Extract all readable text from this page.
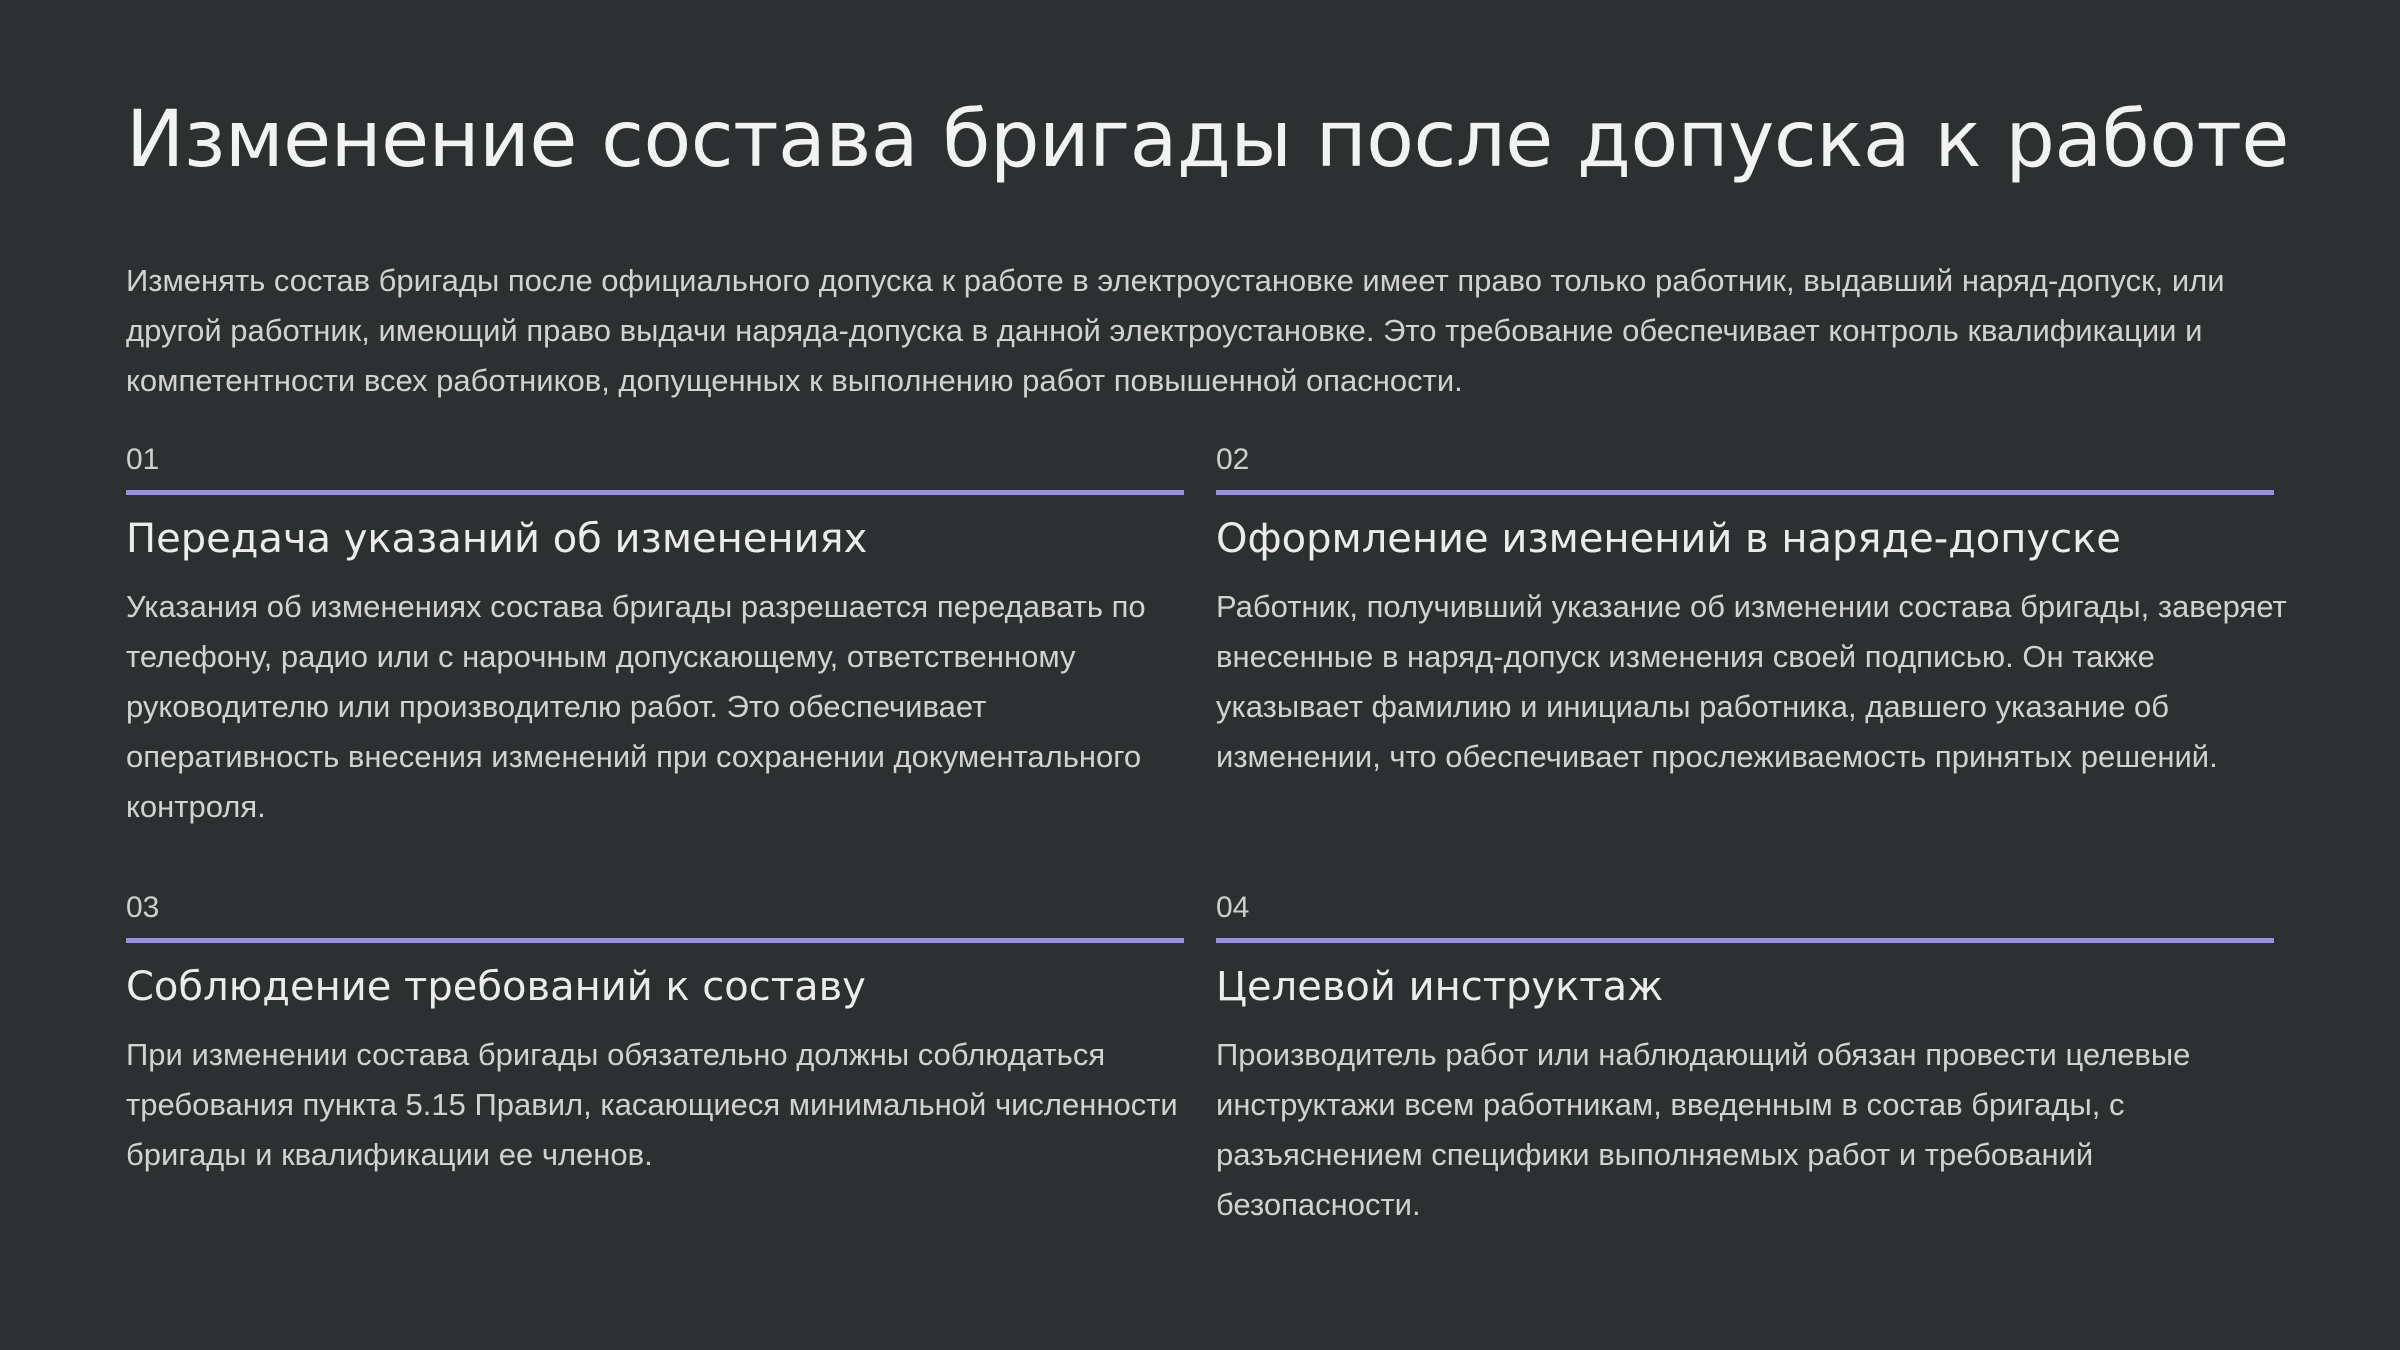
Изменение состава бригады после допуска к работе

Изменять состав бригады после официального допуска к работе в электроустановке имеет право только работник, выдавший наряд-допуск, или другой работник, имеющий право выдачи наряда-допуска в данной электроустановке. Это требование обеспечивает контроль квалификации и компетентности всех работников, допущенных к выполнению работ повышенной опасности.

01
Передача указаний об изменениях
Указания об изменениях состава бригады разрешается передавать по телефону, радио или с нарочным допускающему, ответственному руководителю или производителю работ. Это обеспечивает оперативность внесения изменений при сохранении документального контроля.
02
Оформление изменений в наряде-допуске
Работник, получивший указание об изменении состава бригады, заверяет внесенные в наряд-допуск изменения своей подписью. Он также указывает фамилию и инициалы работника, давшего указание об изменении, что обеспечивает прослеживаемость принятых решений.
03
Соблюдение требований к составу
При изменении состава бригады обязательно должны соблюдаться требования пункта 5.15 Правил, касающиеся минимальной численности бригады и квалификации ее членов.
04
Целевой инструктаж
Производитель работ или наблюдающий обязан провести целевые инструктажи всем работникам, введенным в состав бригады, с разъяснением специфики выполняемых работ и требований безопасности.
